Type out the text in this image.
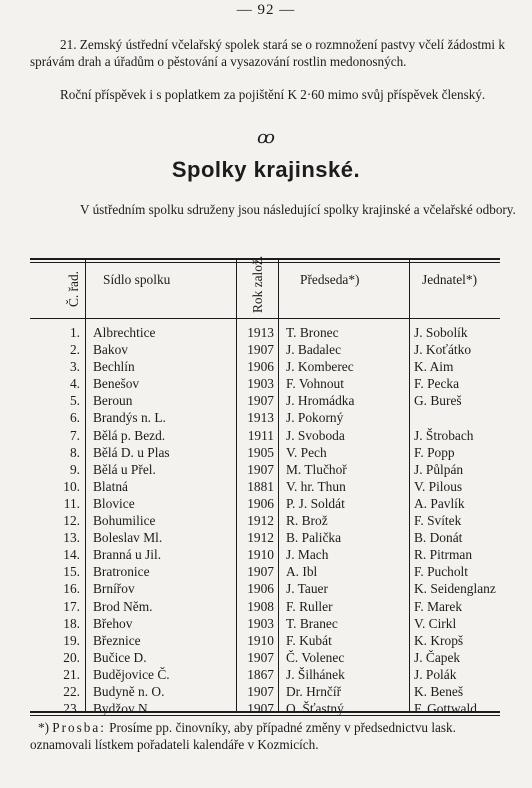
— 92 —
21. Zemský ústřední včelařský spolek stará se o rozmnožení pastvy včelí žádostmi k správám drah a úřadům o pěstování a vysazování rostlin medonosných.
Roční příspěvek i s poplatkem za pojištění K 2·60 mimo svůj příspěvek členský.
ꝏ
Spolky krajinské.
V ústředním spolku sdruženy jsou následující spolky krajinské a včelařské odbory.
Č. řad. Sídlo spolku	Rok založ.	Předseda*)	Jednatel*)
1. Albrechtice	1913 T. Bronec	J. Sobolík
2. Bakov	1907 J. Badalec	J. Koťátko
3. Bechlín	1906 J. Komberec	K. Aim
4. Benešov	1903 F. Vohnout	F. Pecka
5. Beroun	1907 J. Hromádka	G. Bureš
6. Brandýs n. L.	1913 J. Pokorný
7. Bělá p. Bezd.	1911 J. Svoboda	J. Štrobach
8. Bělá D. u Plas	1905 V. Pech	F. Popp
9. Bělá u Přel.	1907 M. Tlučhoř	J. Půlpán
10. Blatná	1881 V. hr. Thun	V. Pilous
11. Blovice	1906 P. J. Soldát	A. Pavlík
12. Bohumilice	1912 R. Brož	F. Svítek
13. Boleslav Ml.	1912 B. Palička	B. Donát
14. Branná u Jil.	1910 J. Mach	R. Pitrman
15. Bratronice	1907 A. Ibl	F. Pucholt
16. Brnířov	1906 J. Tauer	K. Seidenglanz
17. Brod Něm.	1908 F. Ruller	F. Marek
18. Břehov	1903 T. Branec	V. Cirkl
19. Březnice	1910 F. Kubát	K. Kropš
20. Bučice D.	1907 Č. Volenec	J. Čapek
21. Budějovice Č.	1867 J. Šilhánek	J. Polák
22. Budyně n. O.	1907 Dr. Hrnčíř	K. Beneš
23. Bydžov N.	1907 O. Šťastný	F. Gottwald
*) Prosba: Prosíme pp. činovníky, aby případné změny v předsednictvu lask. oznamovali lístkem pořadateli kalendáře v Kozmicích.
